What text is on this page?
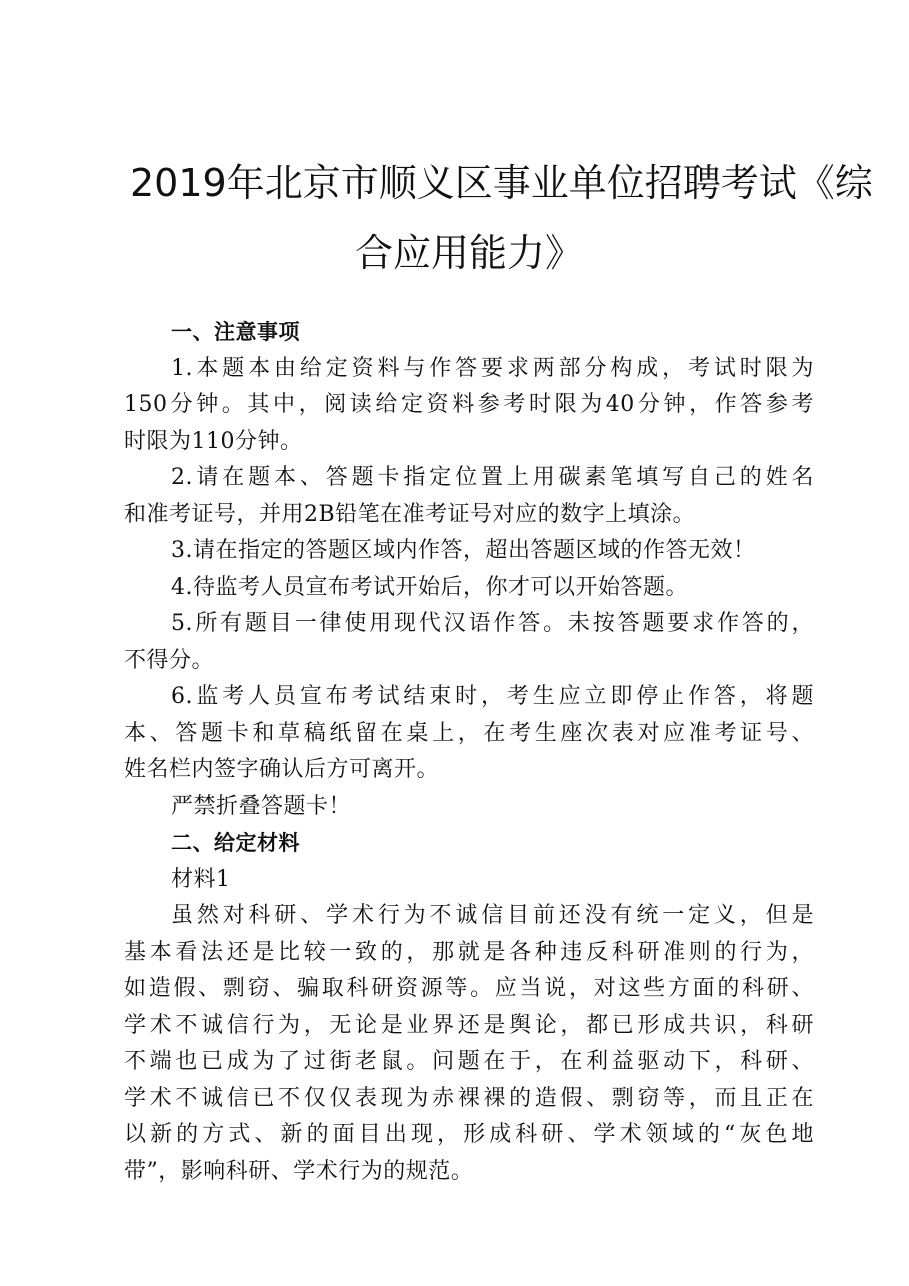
2019年北京市顺义区事业单位招聘考试《综
合应用能力》
一、注意事项
1.本题本由给定资料与作答要求两部分构成，考试时限为
150分钟。其中，阅读给定资料参考时限为40分钟，作答参考
时限为110分钟。
2.请在题本、答题卡指定位置上用碳素笔填写自己的姓名
和准考证号，并用2B铅笔在准考证号对应的数字上填涂。
3.请在指定的答题区域内作答，超出答题区域的作答无效！
4.待监考人员宣布考试开始后，你才可以开始答题。
5.所有题目一律使用现代汉语作答。未按答题要求作答的，
不得分。
6.监考人员宣布考试结束时，考生应立即停止作答，将题
本、答题卡和草稿纸留在桌上，在考生座次表对应准考证号、
姓名栏内签字确认后方可离开。
严禁折叠答题卡！
二、给定材料
材料1
虽然对科研、学术行为不诚信目前还没有统一定义，但是
基本看法还是比较一致的，那就是各种违反科研准则的行为，
如造假、剽窃、骗取科研资源等。应当说，对这些方面的科研、
学术不诚信行为，无论是业界还是舆论，都已形成共识，科研
不端也已成为了过街老鼠。问题在于，在利益驱动下，科研、
学术不诚信已不仅仅表现为赤裸裸的造假、剽窃等，而且正在
以新的方式、新的面目出现，形成科研、学术领域的“灰色地
带”，影响科研、学术行为的规范。
